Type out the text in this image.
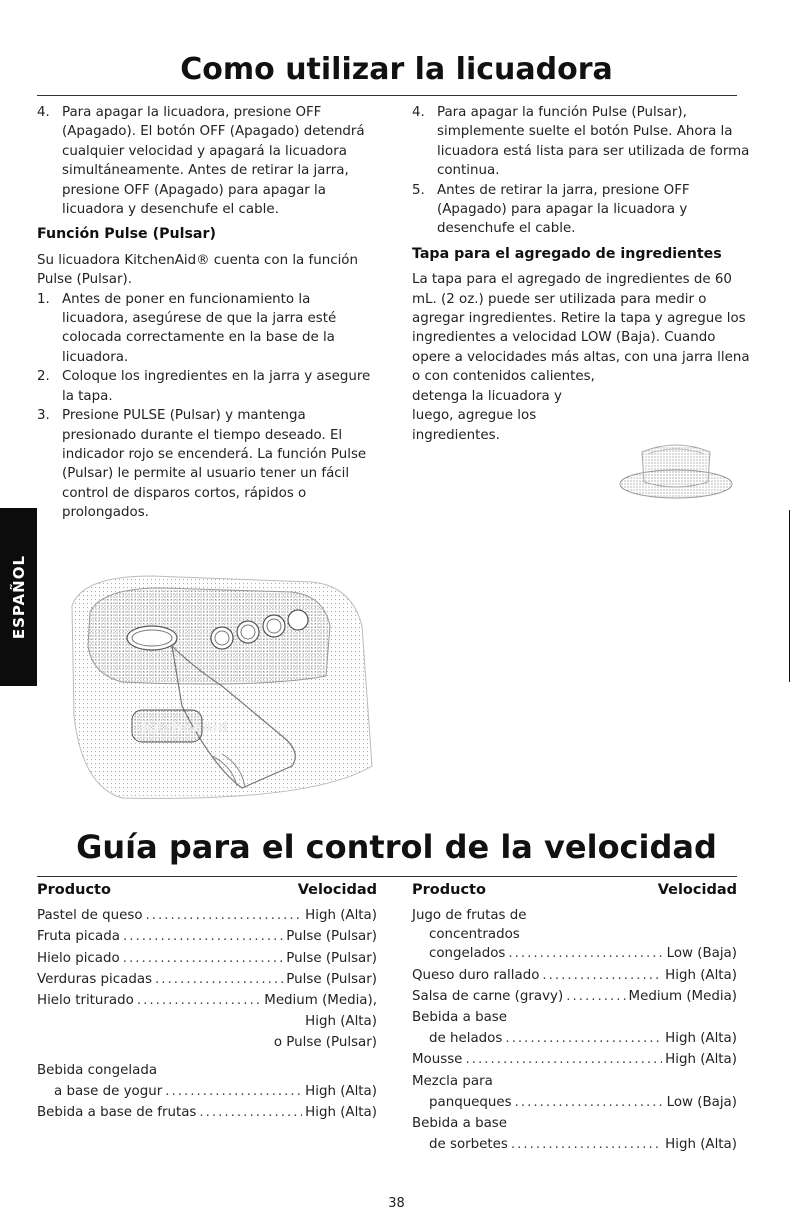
Como utilizar la licuadora
4. Para apagar la licuadora, presione OFF (Apagado). El botón OFF (Apagado) detendrá cualquier velocidad y apagará la licuadora simultáneamente. Antes de retirar la jarra, presione OFF (Apagado) para apagar la licuadora y desenchufe el cable.

Función Pulse (Pulsar)

Su licuadora KitchenAid® cuenta con la función Pulse (Pulsar).

1. Antes de poner en funcionamiento la licuadora, asegúrese de que la jarra esté colocada correctamente en la base de la licuadora.
2. Coloque los ingredientes en la jarra y asegure la tapa.
3. Presione PULSE (Pulsar) y mantenga presionado durante el tiempo deseado. El indicador rojo se encenderá. La función Pulse (Pulsar) le permite al usuario tener un fácil control de disparos cortos, rápidos o prolongados.
4. Para apagar la función Pulse (Pulsar), simplemente suelte el botón Pulse. Ahora la licuadora está lista para ser utilizada de forma continua.
5. Antes de retirar la jarra, presione OFF (Apagado) para apagar la licuadora y desenchufe el cable.

Tapa para el agregado de ingredientes

La tapa para el agregado de ingredientes de 60 mL. (2 oz.) puede ser utilizada para medir o agregar ingredientes. Retire la tapa y agregue los ingredientes a velocidad LOW (Baja). Cuando opere a velocidades más altas, con una jarra llena

o con contenidos calientes,

detenga la licuadora y

luego, agregue los

ingredientes.

KitchenAid
ESPAÑOL
Guía para el control de la velocidad
Producto	Velocidad
Pastel de queso .....	High (Alta)
Fruta picada .....	Pulse (Pulsar)
Hielo picado .....	Pulse (Pulsar)
Verduras picadas .....	Pulse (Pulsar)
Hielo triturado .....	Medium (Media),
High (Alta)
o Pulse (Pulsar)
Bebida congelada
a base de yogur .....	High (Alta)
Bebida a base de frutas .....	High (Alta)
Producto	Velocidad
Jugo de frutas de
concentrados
congelados .....	Low (Baja)
Queso duro rallado .....	High (Alta)
Salsa de carne (gravy) .....	Medium (Media)
Bebida a base
de helados .....	High (Alta)
Mousse .....	High (Alta)
Mezcla para
panqueques .....	Low (Baja)
Bebida a base
de sorbetes .....	High (Alta)
38
